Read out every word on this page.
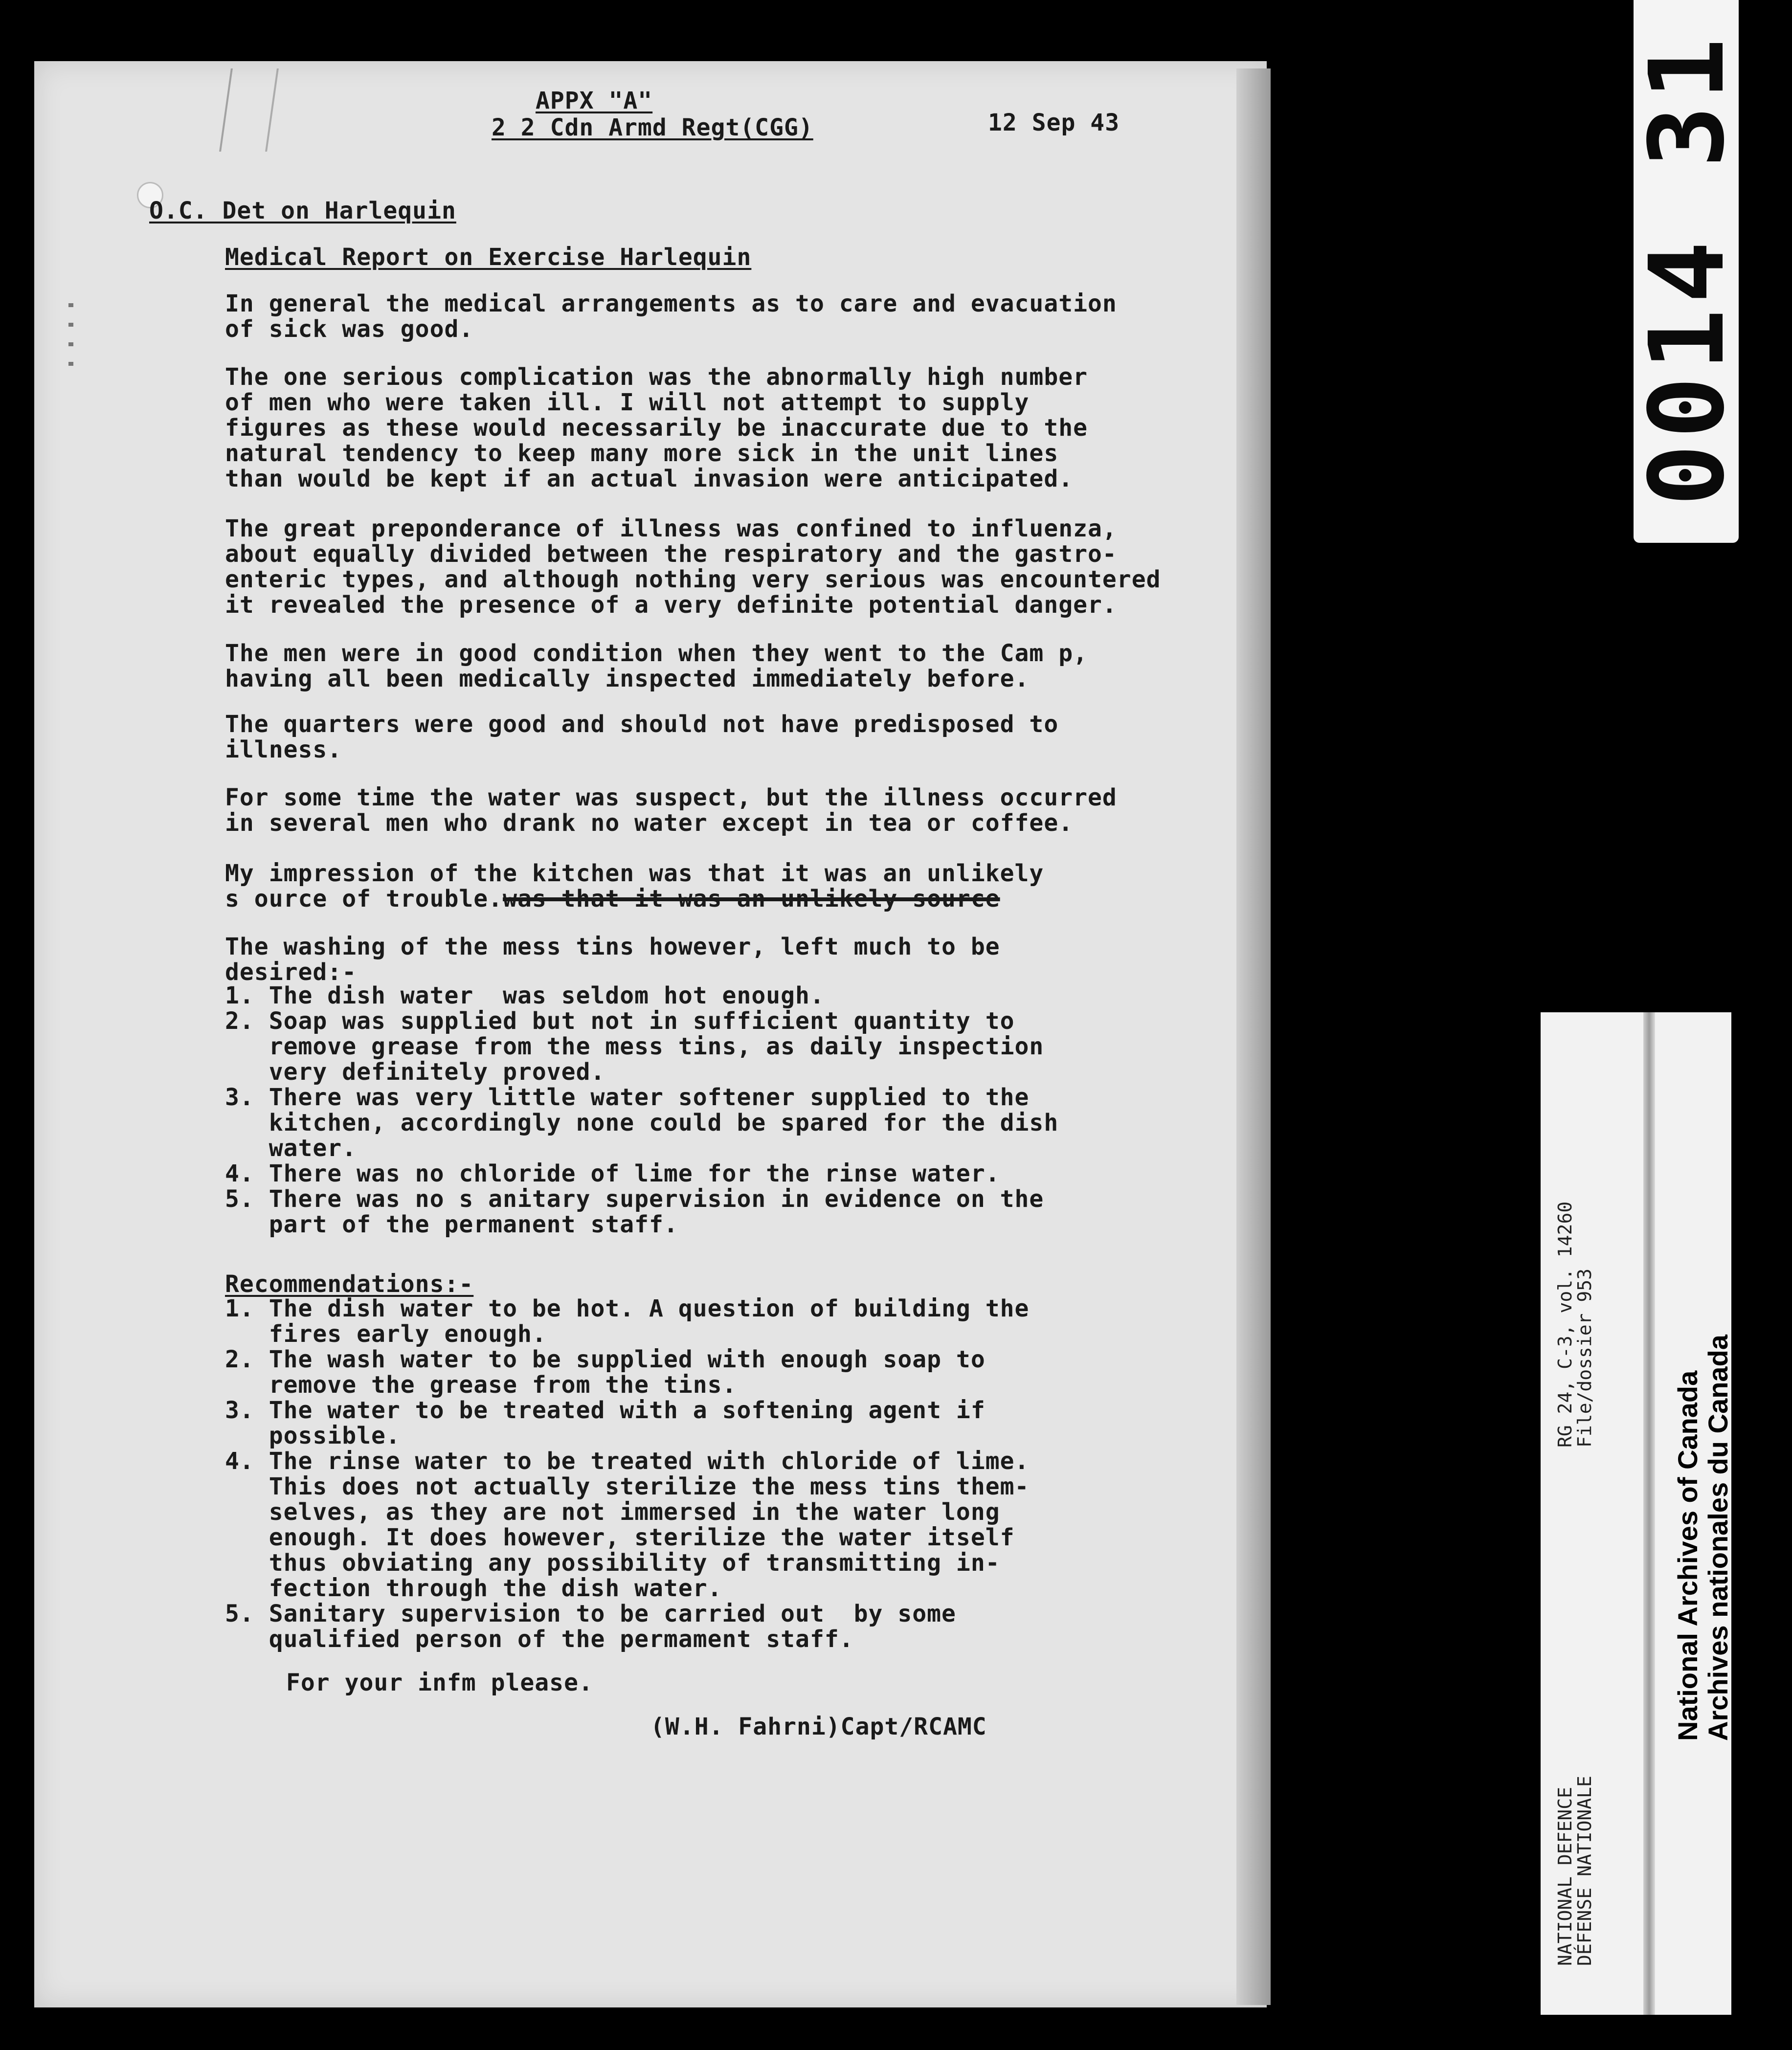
APPX "A"
2 2 Cdn Armd Regt(CGG)	12 Sep 43
O.C. Det on Harlequin
Medical Report on Exercise Harlequin
In general the medical arrangements as to care and evacuation
of sick was good.
The one serious complication was the abnormally high number
of men who were taken ill. I will not attempt to supply
figures as these would necessarily be inaccurate due to the
natural tendency to keep many more sick in the unit lines
than would be kept if an actual invasion were anticipated.
The great preponderance of illness was confined to influenza,
about equally divided between the respiratory and the gastro-
enteric types, and although nothing very serious was encountered
it revealed the presence of a very definite potential danger.
The men were in good condition when they went to the Cam p,
having all been medically inspected immediately before.
The quarters were good and should not have predisposed to
illness.
For some time the water was suspect, but the illness occurred
in several men who drank no water except in tea or coffee.
My impression of the kitchen was that it was an unlikely
s ource of trouble.was that it was an unlikely source
The washing of the mess tins however, left much to be
desired:-
1. The dish water  was seldom hot enough.
2. Soap was supplied but not in sufficient quantity to
remove grease from the mess tins, as daily inspection
very definitely proved.
3. There was very little water softener supplied to the
kitchen, accordingly none could be spared for the dish
water.
4. There was no chloride of lime for the rinse water.
5. There was no s anitary supervision in evidence on the
part of the permanent staff.
Recommendations:-
1. The dish water to be hot. A question of building the
fires early enough.
2. The wash water to be supplied with enough soap to
remove the grease from the tins.
3. The water to be treated with a softening agent if
possible.
4. The rinse water to be treated with chloride of lime.
This does not actually sterilize the mess tins them-
selves, as they are not immersed in the water long
enough. It does however, sterilize the water itself
thus obviating any possibility of transmitting in-
fection through the dish water.
5. Sanitary supervision to be carried out  by some
qualified person of the permament staff.
For your infm please.
(W.H. Fahrni)Capt/RCAMC
0014 31
RG 24, C-3, vol. 14260
File/dossier 953
NATIONAL DEFENCE
DÉFENSE NATIONALE
National Archives of Canada
Archives nationales du Canada
